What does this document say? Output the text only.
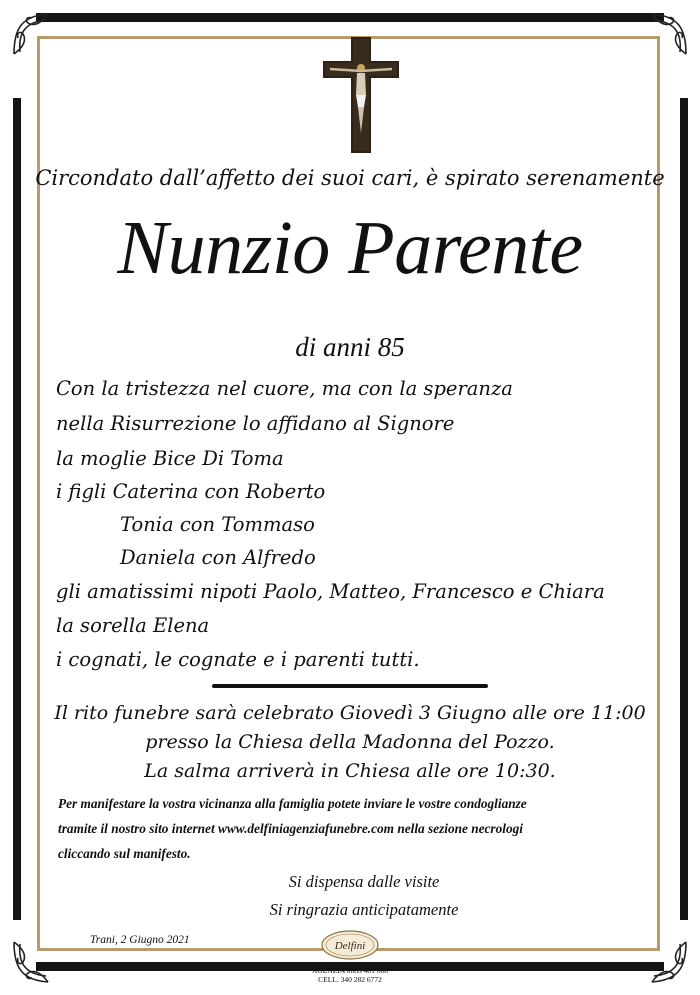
Circondato dall’affetto dei suoi cari, è spirato serenamente
Nunzio Parente
di anni 85
Con la tristezza nel cuore, ma con la speranza
nella Risurrezione lo affidano al Signore
la moglie Bice Di Toma
i figli Caterina con Roberto
Tonia con Tommaso
Daniela con Alfredo
gli amatissimi nipoti Paolo, Matteo, Francesco e Chiara
la sorella Elena
i cognati, le cognate e i parenti tutti.
Il rito funebre sarà celebrato Giovedì 3 Giugno alle ore 11:00
presso la Chiesa della Madonna del Pozzo.
La salma arriverà in Chiesa alle ore 10:30.
Per manifestare la vostra vicinanza alla famiglia potete inviare le vostre condoglianze
tramite il nostro sito internet www.delfiniagenziafunebre.com nella sezione necrologi
cliccando sul manifesto.
Si dispensa dalle visite
Si ringrazia anticipatamente
Trani, 2 Giugno 2021	Delfini
AGENZIA 0883 481 608
CELL. 340 282 6772
